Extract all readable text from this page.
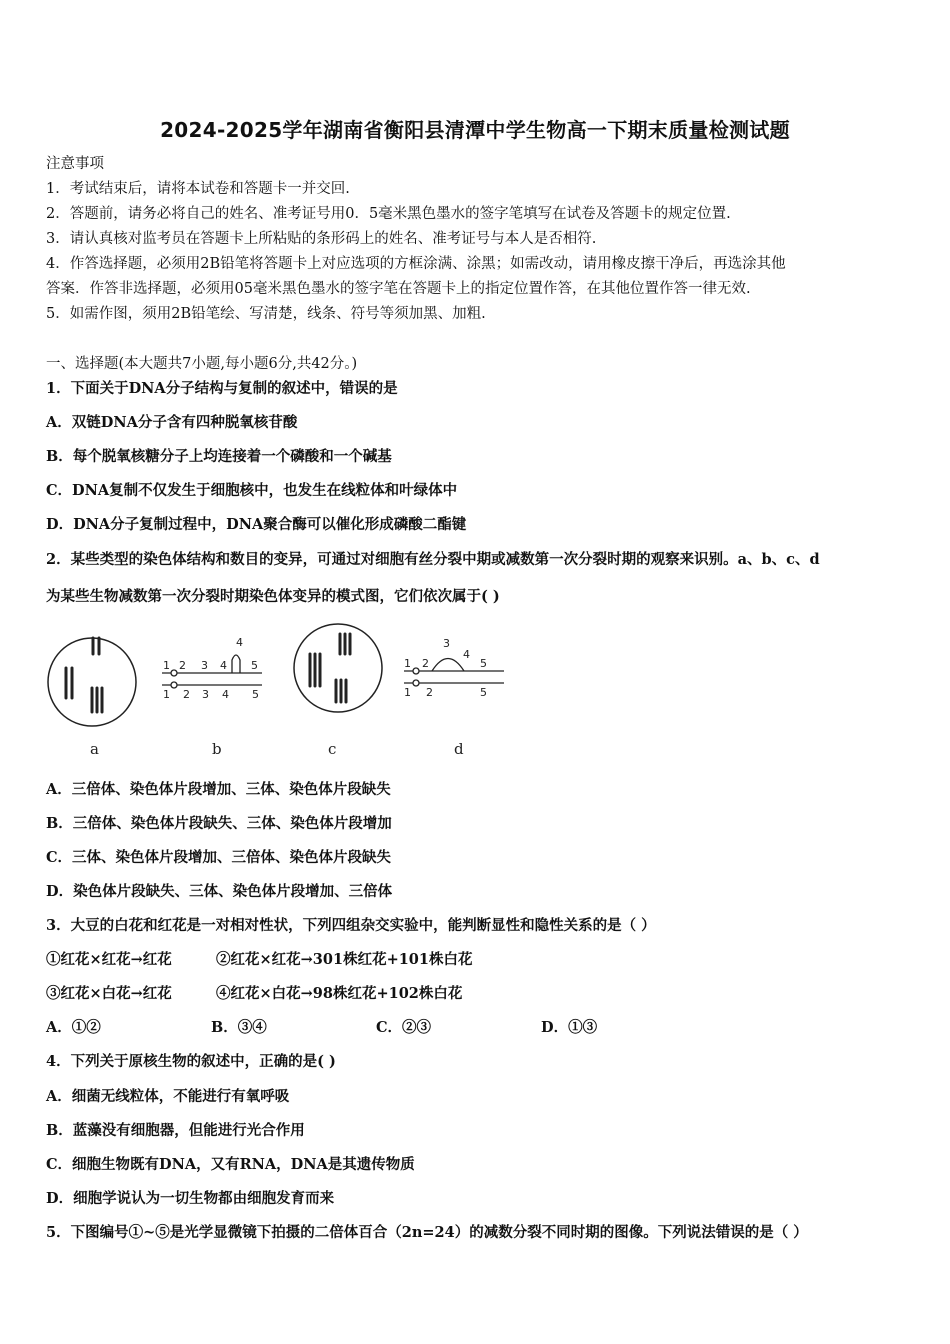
2024-2025学年湖南省衡阳县清潭中学生物高一下期末质量检测试题
注意事项
1．考试结束后，请将本试卷和答题卡一并交回.
2．答题前，请务必将自己的姓名、准考证号用0．5毫米黑色墨水的签字笔填写在试卷及答题卡的规定位置.
3．请认真核对监考员在答题卡上所粘贴的条形码上的姓名、准考证号与本人是否相符.
4．作答选择题，必须用2B铅笔将答题卡上对应选项的方框涂满、涂黑；如需改动，请用橡皮擦干净后，再选涂其他
答案．作答非选择题，必须用05毫米黑色墨水的签字笔在答题卡上的指定位置作答，在其他位置作答一律无效.
5．如需作图，须用2B铅笔绘、写清楚，线条、符号等须加黑、加粗.
一、选择题(本大题共7小题,每小题6分,共42分。)
1．下面关于DNA分子结构与复制的叙述中，错误的是
A．双链DNA分子含有四种脱氧核苷酸
B．每个脱氧核糖分子上均连接着一个磷酸和一个碱基
C．DNA复制不仅发生于细胞核中，也发生在线粒体和叶绿体中
D．DNA分子复制过程中，DNA聚合酶可以催化形成磷酸二酯键
2．某些类型的染色体结构和数目的变异，可通过对细胞有丝分裂中期或减数第一次分裂时期的观察来识别。a、b、c、d
为某些生物减数第一次分裂时期染色体变异的模式图，它们依次属于( )
a
1 2 3 4
4
5
1 2 3 4 5
b	c
1 2
3
4
5
1 2	5
d
A．三倍体、染色体片段增加、三体、染色体片段缺失
B．三倍体、染色体片段缺失、三体、染色体片段增加
C．三体、染色体片段增加、三倍体、染色体片段缺失
D．染色体片段缺失、三体、染色体片段增加、三倍体
3．大豆的白花和红花是一对相对性状，下列四组杂交实验中，能判断显性和隐性关系的是（ ）
①红花×红花→红花	②红花×红花→301株红花+101株白花
③红花×白花→红花	④红花×白花→98株红花+102株白花
A．①②	B．③④	C．②③	D．①③
4．下列关于原核生物的叙述中，正确的是( )
A．细菌无线粒体，不能进行有氧呼吸
B．蓝藻没有细胞器，但能进行光合作用
C．细胞生物既有DNA，又有RNA，DNA是其遗传物质
D．细胞学说认为一切生物都由细胞发育而来
5．下图编号①~⑤是光学显微镜下拍摄的二倍体百合（2n=24）的减数分裂不同时期的图像。下列说法错误的是（ ）
